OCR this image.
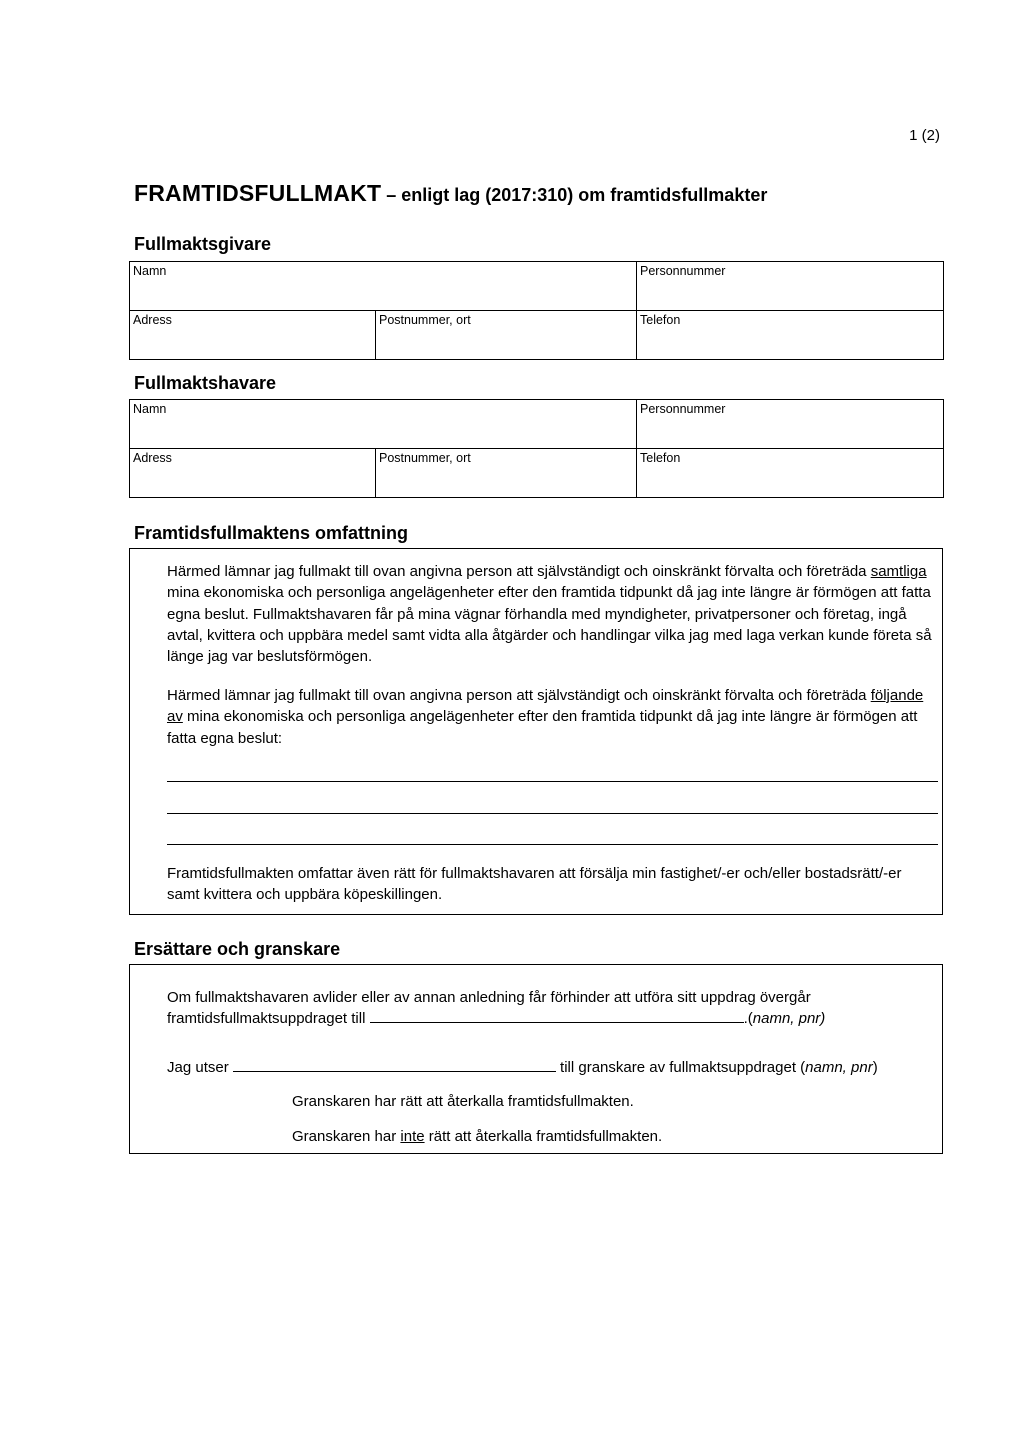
1 (2)
FRAMTIDSFULLMAKT – enligt lag (2017:310) om framtidsfullmakter
Fullmaktsgivare
Namn		Personnummer
Adress	Postnummer, ort	Telefon
Fullmaktshavare
Namn		Personnummer
Adress	Postnummer, ort	Telefon
Framtidsfullmaktens omfattning

Härmed lämnar jag fullmakt till ovan angivna person att självständigt och oinskränkt förvalta och företräda samtliga mina ekonomiska och personliga angelägenheter efter den framtida tidpunkt då jag inte längre är förmögen att fatta egna beslut. Fullmaktshavaren får på mina vägnar förhandla med myndigheter, privatpersoner och företag, ingå avtal, kvittera och uppbära medel samt vidta alla åtgärder och handlingar vilka jag med laga verkan kunde företa så länge jag var beslutsförmögen.

Härmed lämnar jag fullmakt till ovan angivna person att självständigt och oinskränkt förvalta och företräda följande av mina ekonomiska och personliga angelägenheter efter den framtida tidpunkt då jag inte längre är förmögen att fatta egna beslut:

Framtidsfullmakten omfattar även rätt för fullmaktshavaren att försälja min fastighet/-er och/eller bostadsrätt/-er samt kvittera och uppbära köpeskillingen.

Ersättare och granskare

Om fullmaktshavaren avlider eller av annan anledning får förhinder att utföra sitt uppdrag övergår

framtidsfullmaktsuppdraget till	.(namn, pnr)

Jag utser	till granskare av fullmaktsuppdraget (namn, pnr)

Granskaren har rätt att återkalla framtidsfullmakten.

Granskaren har inte rätt att återkalla framtidsfullmakten.
